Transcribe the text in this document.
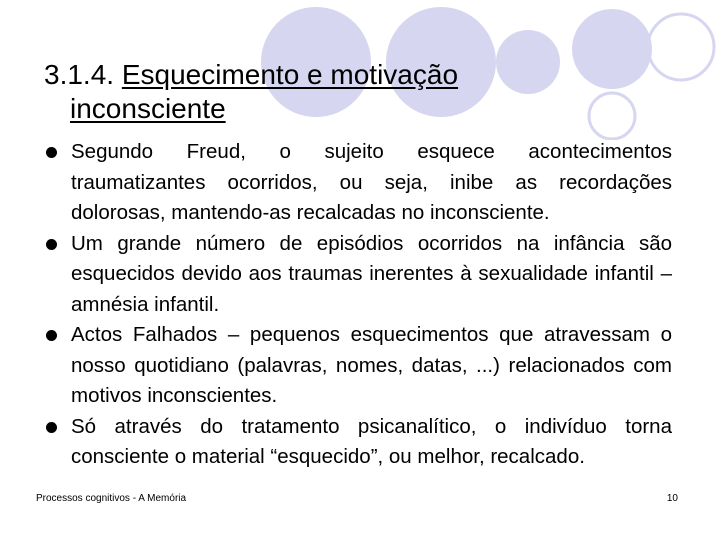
3.1.4. Esquecimento e motivação
inconsciente
Segundo Freud, o sujeito esquece acontecimentos traumatizantes ocorridos, ou seja, inibe as recordações dolorosas, mantendo-as recalcadas no inconsciente.
Um grande número de episódios ocorridos na infância são esquecidos devido aos traumas inerentes à sexualidade infantil – amnésia infantil.
Actos Falhados – pequenos esquecimentos que atravessam o nosso quotidiano (palavras, nomes, datas, ...) relacionados com motivos inconscientes.
Só através do tratamento psicanalítico, o indivíduo torna consciente o material “esquecido”, ou melhor, recalcado.
Processos cognitivos - A Memória	10
